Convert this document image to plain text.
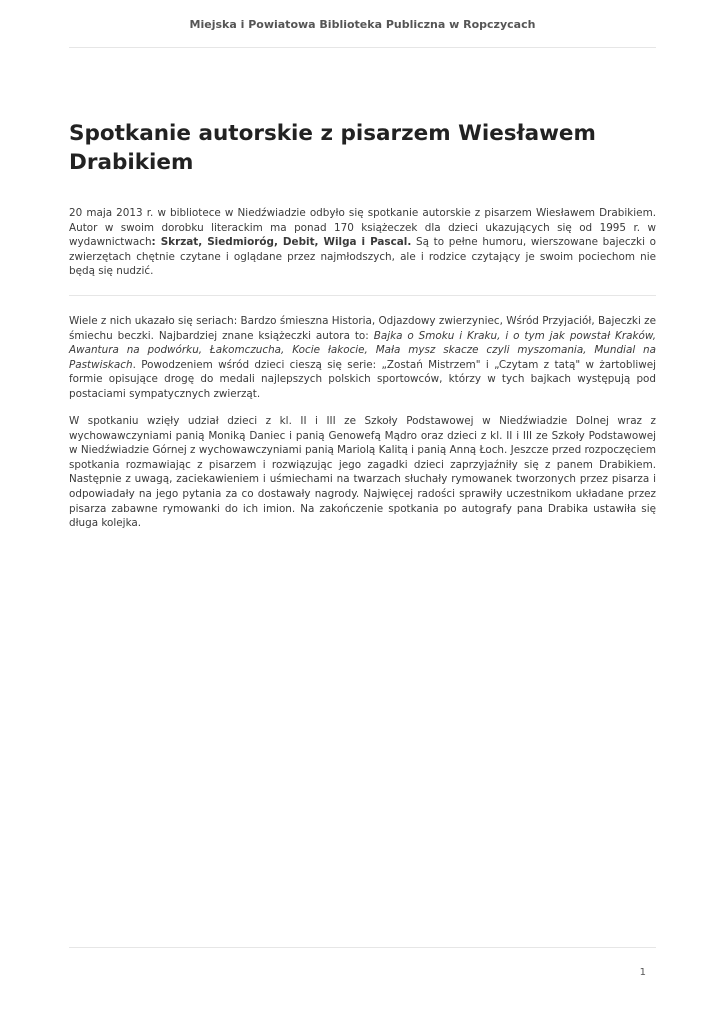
Miejska i Powiatowa Biblioteka Publiczna w Ropczycach
Spotkanie autorskie z pisarzem Wiesławem Drabikiem

20 maja 2013 r. w bibliotece w Niedźwiadzie odbyło się spotkanie autorskie z pisarzem Wiesławem Drabikiem. Autor w swoim dorobku literackim ma ponad 170 książeczek dla dzieci ukazujących się od 1995 r. w wydawnictwach: Skrzat, Siedmioróg, Debit, Wilga i Pascal. Są to pełne humoru, wierszowane bajeczki o zwierzętach chętnie czytane i oglądane przez najmłodszych, ale i rodzice czytający je swoim pociechom nie będą się nudzić.

Wiele z nich ukazało się seriach: Bardzo śmieszna Historia, Odjazdowy zwierzyniec, Wśród Przyjaciół, Bajeczki ze śmiechu beczki. Najbardziej znane książeczki autora to: Bajka o Smoku i Kraku, i o tym jak powstał Kraków, Awantura na podwórku, Łakomczucha, Kocie łakocie, Mała mysz skacze czyli myszomania, Mundial na Pastwiskach. Powodzeniem wśród dzieci cieszą się serie: „Zostań Mistrzem" i „Czytam z tatą" w żartobliwej formie opisujące drogę do medali najlepszych polskich sportowców, którzy w tych bajkach występują pod postaciami sympatycznych zwierząt.

W spotkaniu wzięły udział dzieci z kl. II i III ze Szkoły Podstawowej w Niedźwiadzie Dolnej wraz z wychowawczyniami panią Moniką Daniec i panią Genowefą Mądro oraz dzieci z kl. II i III ze Szkoły Podstawowej w Niedźwiadzie Górnej z wychowawczyniami panią Mariolą Kalitą i panią Anną Łoch. Jeszcze przed rozpoczęciem spotkania rozmawiając z pisarzem i rozwiązując jego zagadki dzieci zaprzyjaźniły się z panem Drabikiem. Następnie z uwagą, zaciekawieniem i uśmiechami na twarzach słuchały rymowanek tworzonych przez pisarza i odpowiadały na jego pytania za co dostawały nagrody. Najwięcej radości sprawiły uczestnikom układane przez pisarza zabawne rymowanki do ich imion. Na zakończenie spotkania po autografy pana Drabika ustawiła się długa kolejka.

1
